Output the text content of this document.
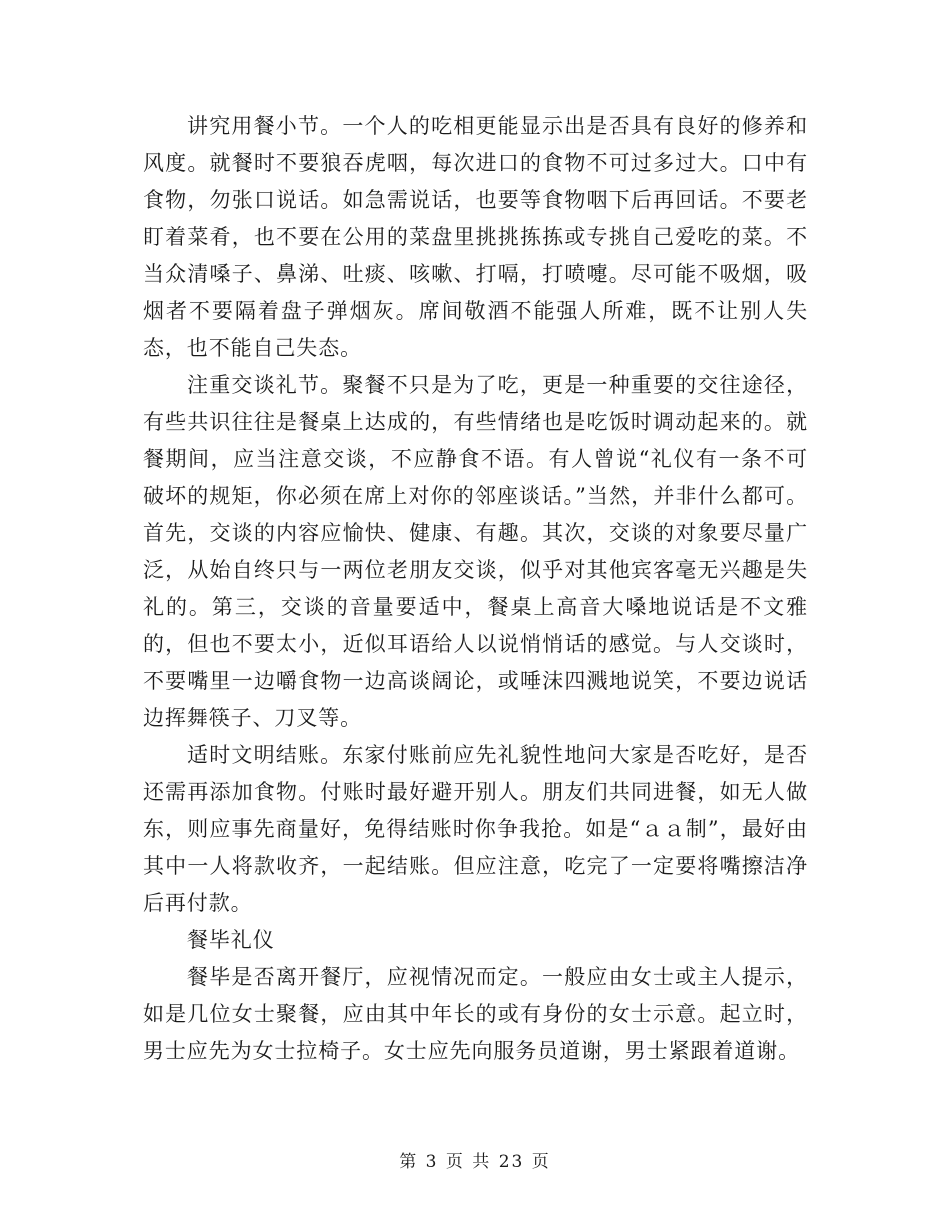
讲究用餐小节。一个人的吃相更能显示出是否具有良好的修养和风度。就餐时不要狼吞虎咽，每次进口的食物不可过多过大。口中有食物，勿张口说话。如急需说话，也要等食物咽下后再回话。不要老盯着菜肴，也不要在公用的菜盘里挑挑拣拣或专挑自己爱吃的菜。不当众清嗓子、鼻涕、吐痰、咳嗽、打嗝，打喷嚏。尽可能不吸烟，吸烟者不要隔着盘子弹烟灰。席间敬酒不能强人所难，既不让别人失态，也不能自己失态。

注重交谈礼节。聚餐不只是为了吃，更是一种重要的交往途径，有些共识往往是餐桌上达成的，有些情绪也是吃饭时调动起来的。就餐期间，应当注意交谈，不应静食不语。有人曾说“礼仪有一条不可破坏的规矩，你必须在席上对你的邻座谈话。”当然，并非什么都可。首先，交谈的内容应愉快、健康、有趣。其次，交谈的对象要尽量广泛，从始自终只与一两位老朋友交谈，似乎对其他宾客毫无兴趣是失礼的。第三，交谈的音量要适中，餐桌上高音大嗓地说话是不文雅的，但也不要太小，近似耳语给人以说悄悄话的感觉。与人交谈时，不要嘴里一边嚼食物一边高谈阔论，或唾沫四溅地说笑，不要边说话边挥舞筷子、刀叉等。

适时文明结账。东家付账前应先礼貌性地问大家是否吃好，是否还需再添加食物。付账时最好避开别人。朋友们共同进餐，如无人做东，则应事先商量好，免得结账时你争我抢。如是“ａａ制”，最好由其中一人将款收齐，一起结账。但应注意，吃完了一定要将嘴擦洁净后再付款。

餐毕礼仪

餐毕是否离开餐厅，应视情况而定。一般应由女士或主人提示，如是几位女士聚餐，应由其中年长的或有身份的女士示意。起立时，男士应先为女士拉椅子。女士应先向服务员道谢，男士紧跟着道谢。

第 3 页 共 23 页
